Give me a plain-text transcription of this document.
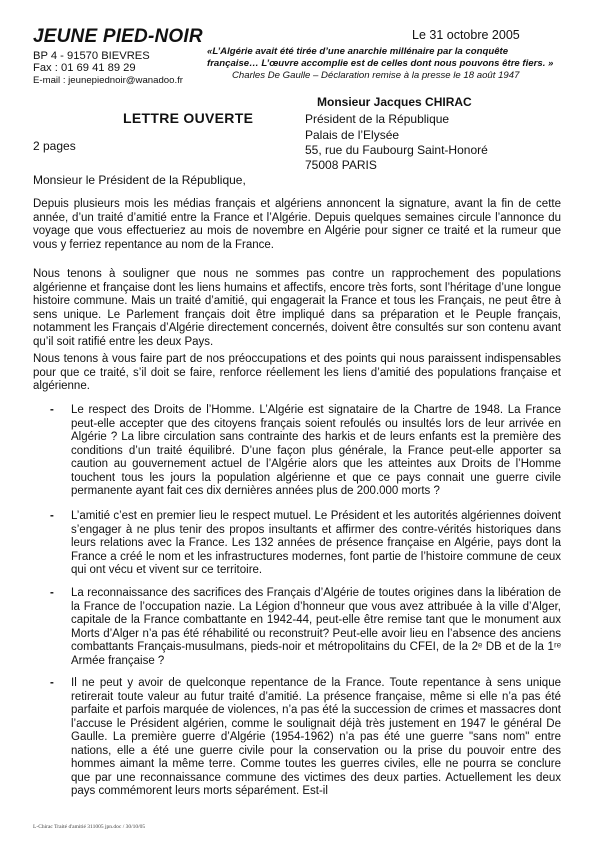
JEUNE PIED-NOIR	Le 31 octobre 2005
BP 4 - 91570 BIEVRES
Fax : 01 69 41 89 29
E-mail : jeunepiednoir@wanadoo.fr
«L’Algérie avait été tirée d’une anarchie millénaire par la conquête
française… L’œuvre accomplie est de celles dont nous pouvons être fiers. »
Charles De Gaulle – Déclaration remise à la presse le 18 août 1947
LETTRE OUVERTE
2 pages
Monsieur Jacques CHIRAC
Président de la République
Palais de l’Elysée
55, rue du Faubourg Saint-Honoré
75008 PARIS
Monsieur le Président de la République,
Depuis plusieurs mois les médias français et algériens annoncent la signature, avant la fin de cette année, d’un traité d’amitié entre la France et l’Algérie. Depuis quelques semaines circule l’annonce du voyage que vous effectueriez au mois de novembre en Algérie pour signer ce traité et la rumeur que vous y ferriez repentance au nom de la France.
Nous tenons à souligner que nous ne sommes pas contre un rapprochement des populations algérienne et française dont les liens humains et affectifs, encore très forts, sont l’héritage d’une longue histoire commune. Mais un traité d’amitié, qui engagerait la France et tous les Français, ne peut être à sens unique. Le Parlement français doit être impliqué dans sa préparation et le Peuple français, notamment les Français d’Algérie directement concernés, doivent être consultés sur son contenu avant qu’il soit ratifié entre les deux Pays.
Nous tenons à vous faire part de nos préoccupations et des points qui nous paraissent indispensables pour que ce traité, s’il doit se faire, renforce réellement les liens d’amitié des populations française et algérienne.
- Le respect des Droits de l’Homme. L’Algérie est signataire de la Chartre de 1948. La France peut-elle accepter que des citoyens français soient refoulés ou insultés lors de leur arrivée en Algérie ? La libre circulation sans contrainte des harkis et de leurs enfants est la première des conditions d’un traité équilibré. D’une façon plus générale, la France peut-elle apporter sa caution au gouvernement actuel de l’Algérie alors que les atteintes aux Droits de l’Homme touchent tous les jours la population algérienne et que ce pays connait une guerre civile permanente ayant fait ces dix dernières années plus de 200.000 morts ?
- L’amitié c’est en premier lieu le respect mutuel. Le Président et les autorités algériennes doivent s’engager à ne plus tenir des propos insultants et affirmer des contre-vérités historiques dans leurs relations avec la France. Les 132 années de présence française en Algérie, pays dont la France a créé le nom et les infrastructures modernes, font partie de l’histoire commune de ceux qui ont vécu et vivent sur ce territoire.
- La reconnaissance des sacrifices des Français d’Algérie de toutes origines dans la libération de la France de l’occupation nazie. La Légion d’honneur que vous avez attribuée à la ville d’Alger, capitale de la France combattante en 1942-44, peut-elle être remise tant que le monument aux Morts d’Alger n’a pas été réhabilité ou reconstruit? Peut-elle avoir lieu en l’absence des anciens combattants Français-musulmans, pieds-noir et métropolitains du CFEI, de la 2ᵉ DB et de la 1ʳᵉ Armée française ?
- Il ne peut y avoir de quelconque repentance de la France. Toute repentance à sens unique retirerait toute valeur au futur traité d’amitié. La présence française, même si elle n’a pas été parfaite et parfois marquée de violences, n’a pas été la succession de crimes et massacres dont l’accuse le Président algérien, comme le soulignait déjà très justement en 1947 le général De Gaulle. La première guerre d’Algérie (1954-1962) n’a pas été une guerre "sans nom" entre nations, elle a été une guerre civile pour la conservation ou la prise du pouvoir entre des hommes aimant la même terre. Comme toutes les guerres civiles, elle ne pourra se conclure que par une reconnaissance commune des victimes des deux parties. Actuellement les deux pays commémorent leurs morts séparément. Est-il
L-Chirac Traité d'amitié 311005 jpn.doc / 30/10/05
